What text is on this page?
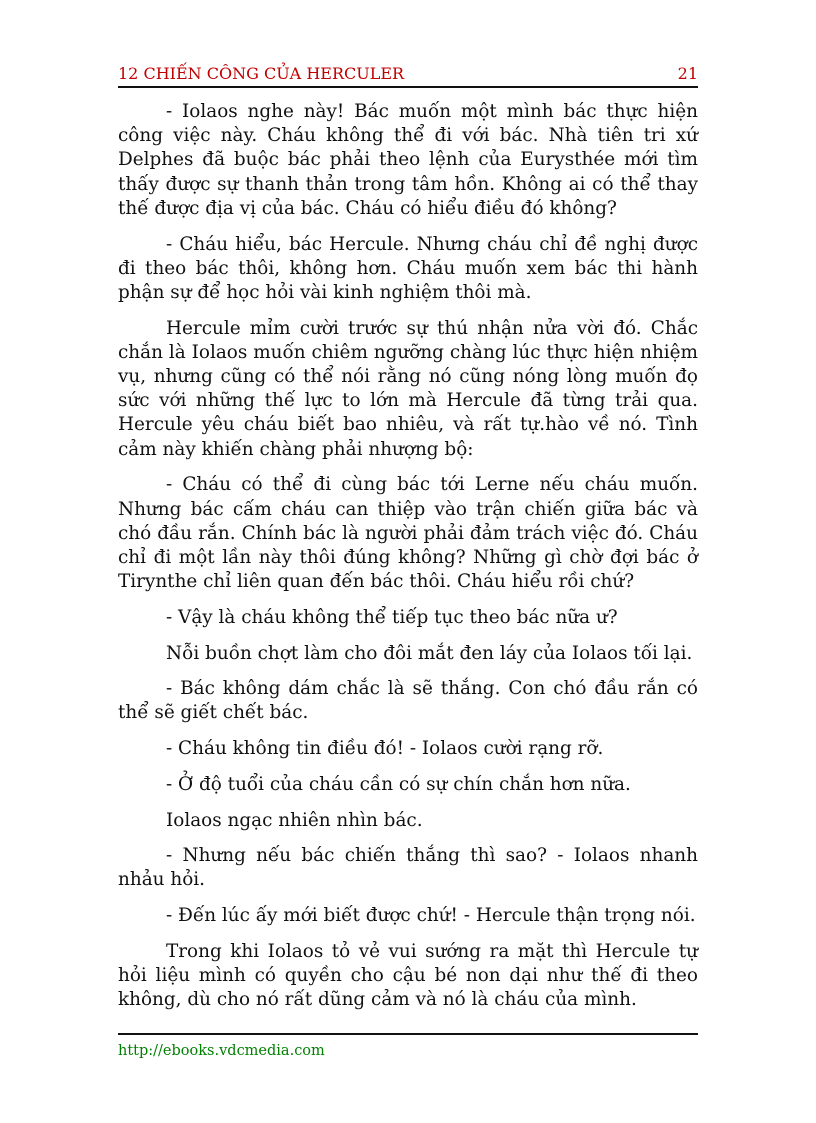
12 CHIẾN CÔNG CỦA HERCULER	21

- Iolaos nghe này! Bác muốn một mình bác thực hiện công việc này. Cháu không thể đi với bác. Nhà tiên tri xứ Delphes đã buộc bác phải theo lệnh của Eurysthée mới tìm thấy được sự thanh thản trong tâm hồn. Không ai có thể thay thế được địa vị của bác. Cháu có hiểu điều đó không?

- Cháu hiểu, bác Hercule. Nhưng cháu chỉ đề nghị được đi theo bác thôi, không hơn. Cháu muốn xem bác thi hành phận sự để học hỏi vài kinh nghiệm thôi mà.

Hercule mỉm cười trước sự thú nhận nửa vời đó. Chắc chắn là Iolaos muốn chiêm ngưỡng chàng lúc thực hiện nhiệm vụ, nhưng cũng có thể nói rằng nó cũng nóng lòng muốn đọ sức với những thế lực to lớn mà Hercule đã từng trải qua. Hercule yêu cháu biết bao nhiêu, và rất tự.hào về nó. Tình cảm này khiến chàng phải nhượng bộ:

- Cháu có thể đi cùng bác tới Lerne nếu cháu muốn. Nhưng bác cấm cháu can thiệp vào trận chiến giữa bác và chó đầu rắn. Chính bác là người phải đảm trách việc đó. Cháu chỉ đi một lần này thôi đúng không? Những gì chờ đợi bác ở Tirynthe chỉ liên quan đến bác thôi. Cháu hiểu rồi chứ?

- Vậy là cháu không thể tiếp tục theo bác nữa ư?

Nỗi buồn chợt làm cho đôi mắt đen láy của Iolaos tối lại.

- Bác không dám chắc là sẽ thắng. Con chó đầu rắn có thể sẽ giết chết bác.

- Cháu không tin điều đó! - Iolaos cười rạng rỡ.

- Ở độ tuổi của cháu cần có sự chín chắn hơn nữa.

Iolaos ngạc nhiên nhìn bác.

- Nhưng nếu bác chiến thắng thì sao? - Iolaos nhanh nhảu hỏi.

- Đến lúc ấy mới biết được chứ! - Hercule thận trọng nói.

Trong khi Iolaos tỏ vẻ vui sướng ra mặt thì Hercule tự hỏi liệu mình có quyền cho cậu bé non dại như thế đi theo không, dù cho nó rất dũng cảm và nó là cháu của mình.

http://ebooks.vdcmedia.com
